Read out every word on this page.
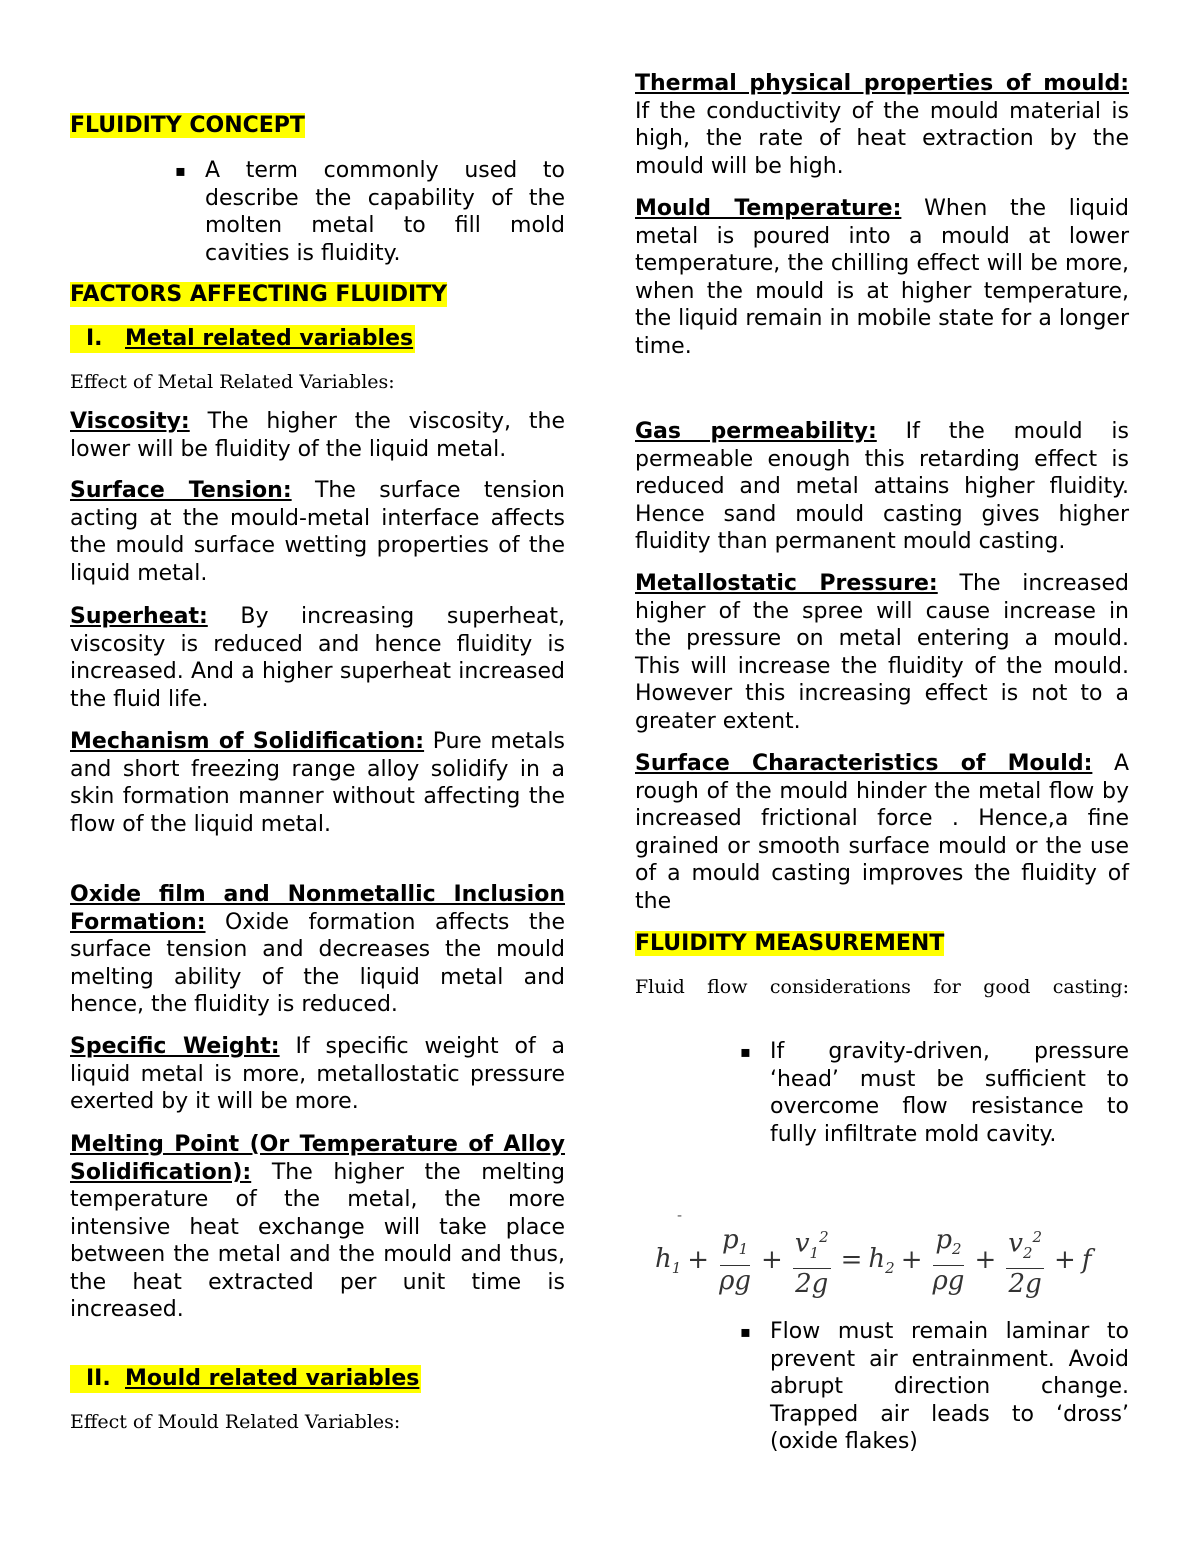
FLUIDITY CONCEPT
▪ A term commonly used to describe the capability of the molten metal to fill mold cavities is fluidity.
FACTORS AFFECTING FLUIDITY
I. Metal related variables
Effect of Metal Related Variables:
Viscosity: The higher the viscosity, the lower will be fluidity of the liquid metal.
Surface Tension: The surface tension acting at the mould-metal interface affects the mould surface wetting properties of the liquid metal.
Superheat: By increasing superheat, viscosity is reduced and hence fluidity is increased. And a higher superheat increased the fluid life.
Mechanism of Solidification: Pure metals and short freezing range alloy solidify in a skin formation manner without affecting the flow of the liquid metal.
Oxide film and Nonmetallic Inclusion Formation: Oxide formation affects the surface tension and decreases the mould melting ability of the liquid metal and hence, the fluidity is reduced.
Specific Weight: If specific weight of a liquid metal is more, metallostatic pressure exerted by it will be more.
Melting Point (Or Temperature of Alloy Solidification): The higher the melting temperature of the metal, the more intensive heat exchange will take place between the metal and the mould and thus, the heat extracted per unit time is increased.
II. Mould related variables
Effect of Mould Related Variables:
Thermal physical properties of mould: If the conductivity of the mould material is high, the rate of heat extraction by the mould will be high.
Mould Temperature: When the liquid metal is poured into a mould at lower temperature, the chilling effect will be more, when the mould is at higher temperature, the liquid remain in mobile state for a longer time.
Gas permeability: If the mould is permeable enough this retarding effect is reduced and metal attains higher fluidity. Hence sand mould casting gives higher fluidity than permanent mould casting.
Metallostatic Pressure: The increased higher of the spree will cause increase in the pressure on metal entering a mould. This will increase the fluidity of the mould. However this increasing effect is not to a greater extent.
Surface Characteristics of Mould: A rough of the mould hinder the metal flow by increased frictional force . Hence,a fine grained or smooth surface mould or the use of a mould casting improves the fluidity of the
FLUIDITY MEASUREMENT
Fluid flow considerations for good casting:
▪ If gravity-driven, pressure ‘head’ must be sufficient to overcome flow resistance to fully infiltrate mold cavity.
-
$h_1 + \frac{p_1}{\rho g} + \frac{v_1^2}{2g} = h_2 + \frac{p_2}{\rho g} + \frac{v_2^2}{2g} + f$
▪ Flow must remain laminar to prevent air entrainment. Avoid abrupt direction change. Trapped air leads to ‘dross’ (oxide flakes)
